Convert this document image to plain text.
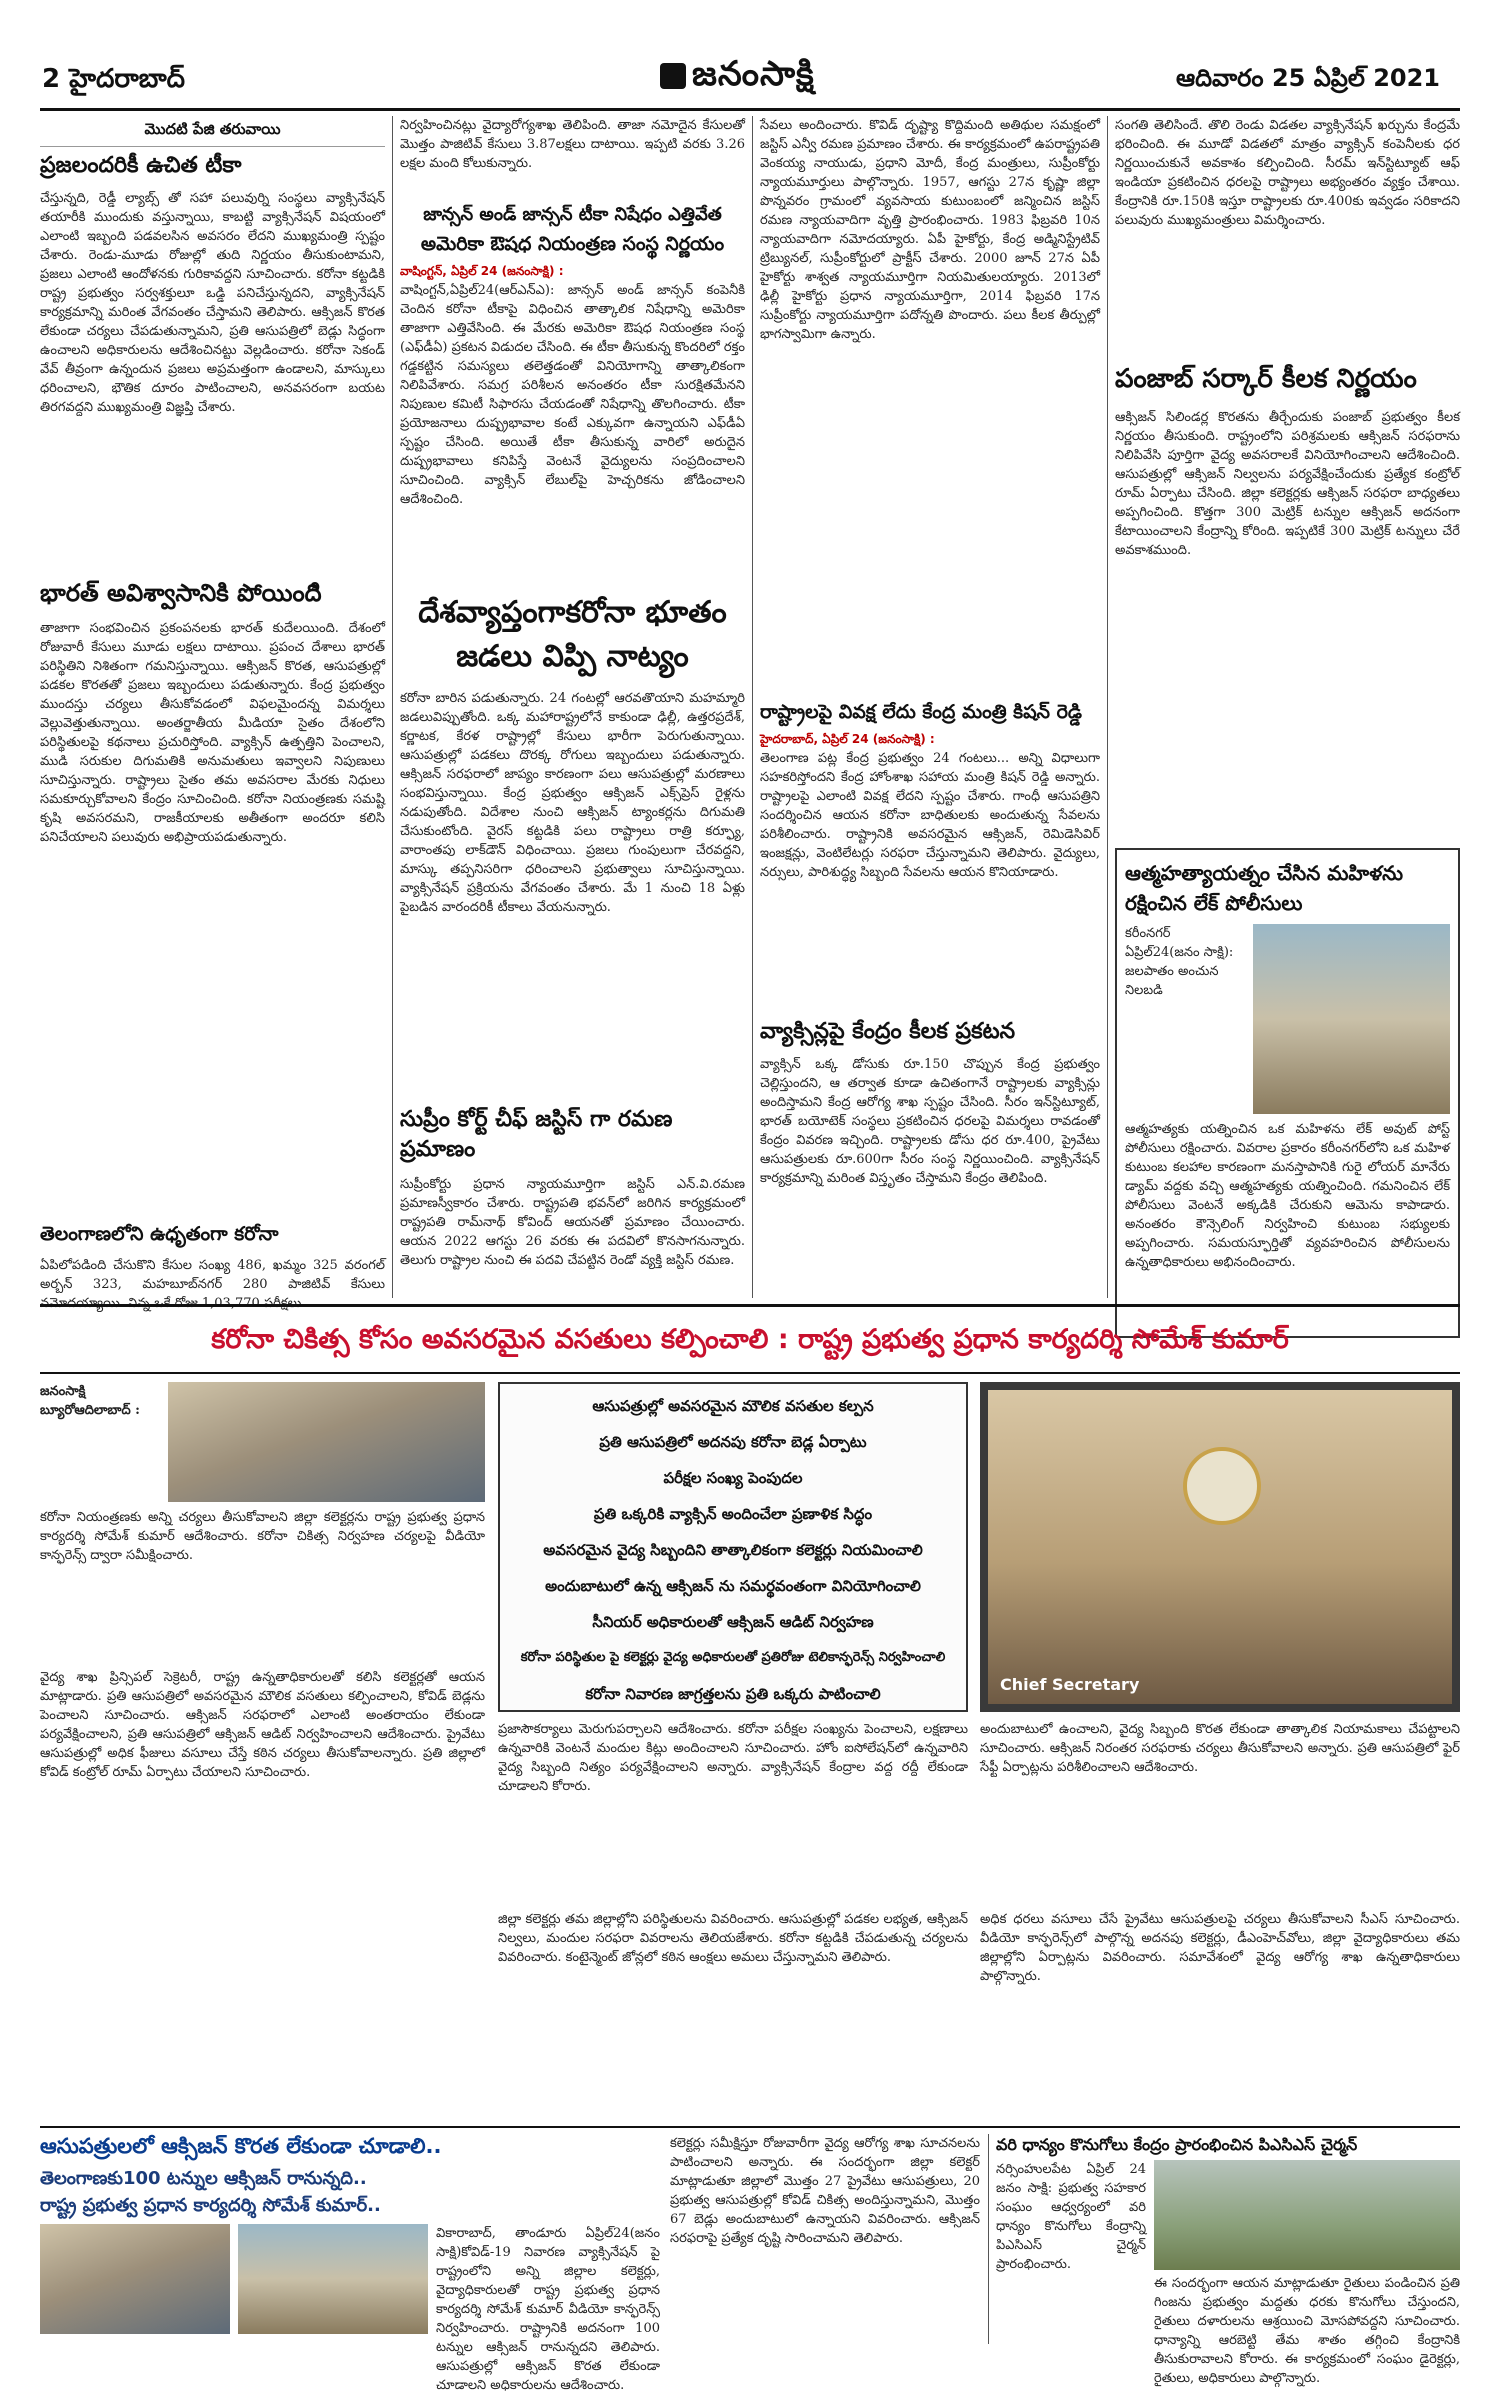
2 హైదరాబాద్	జనంసాక్షి	ఆదివారం 25 ఏప్రిల్ 2021
మొదటి పేజి తరువాయి
ప్రజలందరికీ ఉచిత టీకా
చేస్తున్నది, రెడ్డీ ల్యాబ్స్ తో సహా పలువుర్ని సంస్థలు వ్యాక్సినేషన్ తయారీకి ముందుకు వస్తున్నాయి, కాబట్టి వ్యాక్సినేషన్ విషయంలో ఎలాంటి ఇబ్బంది పడవలసిన అవసరం లేదని ముఖ్యమంత్రి స్పష్టం చేశారు. రెండు-మూడు రోజుల్లో తుది నిర్ణయం తీసుకుంటామని, ప్రజలు ఎలాంటి ఆందోళనకు గురికావద్దని సూచించారు. కరోనా కట్టడికి రాష్ట్ర ప్రభుత్వం సర్వశక్తులూ ఒడ్డి పనిచేస్తున్నదని, వ్యాక్సినేషన్ కార్యక్రమాన్ని మరింత వేగవంతం చేస్తామని తెలిపారు. ఆక్సిజన్ కొరత లేకుండా చర్యలు చేపడుతున్నామని, ప్రతి ఆసుపత్రిలో బెడ్లు సిద్ధంగా ఉంచాలని అధికారులను ఆదేశించినట్టు వెల్లడించారు. కరోనా సెకండ్ వేవ్ తీవ్రంగా ఉన్నందున ప్రజలు అప్రమత్తంగా ఉండాలని, మాస్కులు ధరించాలని, భౌతిక దూరం పాటించాలని, అనవసరంగా బయట తిరగవద్దని ముఖ్యమంత్రి విజ్ఞప్తి చేశారు.
భారత్ అవిశ్వాసానికి పోయిందిి
తాజాగా సంభవించిన ప్రకంపనలకు భారత్ కుదేలయింది. దేశంలో రోజువారీ కేసులు మూడు లక్షలు దాటాయి. ప్రపంచ దేశాలు భారత్ పరిస్థితిని నిశితంగా గమనిస్తున్నాయి. ఆక్సిజన్ కొరత, ఆసుపత్రుల్లో పడకల కొరతతో ప్రజలు ఇబ్బందులు పడుతున్నారు. కేంద్ర ప్రభుత్వం ముందస్తు చర్యలు తీసుకోవడంలో విఫలమైందన్న విమర్శలు వెల్లువెత్తుతున్నాయి. అంతర్జాతీయ మీడియా సైతం దేశంలోని పరిస్థితులపై కథనాలు ప్రచురిస్తోంది. వ్యాక్సిన్ ఉత్పత్తిని పెంచాలని, ముడి సరుకుల దిగుమతికి అనుమతులు ఇవ్వాలని నిపుణులు సూచిస్తున్నారు. రాష్ట్రాలు సైతం తమ అవసరాల మేరకు నిధులు సమకూర్చుకోవాలని కేంద్రం సూచించింది. కరోనా నియంత్రణకు సమష్టి కృషి అవసరమని, రాజకీయాలకు అతీతంగా అందరూ కలిసి పనిచేయాలని పలువురు అభిప్రాయపడుతున్నారు.
తెలంగాణలోని ఉధృతంగా కరోనా
ఏపిలోపడింది చేసుకొని కేసుల సంఖ్య 486, ఖమ్మం 325 వరంగల్ అర్బన్ 323, మహబూబ్‌నగర్ 280 పాజిటివ్ కేసులు
నిర్వహించినట్లు వైద్యారోగ్యశాఖ తెలిపింది. తాజా నమోదైన కేసులతో మొత్తం పాజిటివ్ కేసులు 3.87లక్షలు దాటాయి. ఇప్పటి వరకు 3.26 లక్షల మంది కోలుకున్నారు.
జాన్సన్ అండ్ జాన్సన్ టీకా నిషేధం ఎత్తివేత
అమెరికా ఔషధ నియంత్రణ సంస్థ నిర్ణయం
వాషింగ్టన్, ఏప్రిల్ 24 (జనంసాక్షి) :
వాషింగ్టన్,ఏప్రిల్24(ఆర్‌ఎన్‌ఎ): జాన్సన్ అండ్ జాన్సన్ కంపెనీకి చెందిన కరోనా టీకాపై విధించిన తాత్కాలిక నిషేధాన్ని అమెరికా తాజాగా ఎత్తివేసింది. ఈ మేరకు అమెరికా ఔషధ నియంత్రణ సంస్థ (ఎఫ్‌డీఏ) ప్రకటన విడుదల చేసింది. ఈ టీకా తీసుకున్న కొందరిలో రక్తం గడ్డకట్టిన సమస్యలు తలెత్తడంతో వినియోగాన్ని తాత్కాలికంగా నిలిపివేశారు. సమగ్ర పరిశీలన అనంతరం టీకా సురక్షితమేనని నిపుణుల కమిటీ సిఫారసు చేయడంతో నిషేధాన్ని తొలగించారు. టీకా ప్రయోజనాలు దుష్ప్రభావాల కంటే ఎక్కువగా ఉన్నాయని ఎఫ్‌డీఏ స్పష్టం చేసింది. అయితే టీకా తీసుకున్న వారిలో అరుదైన దుష్ప్రభావాలు కనిపిస్తే వెంటనే వైద్యులను సంప్రదించాలని సూచించింది. వ్యాక్సిన్ లేబుల్‌పై హెచ్చరికను జోడించాలని ఆదేశించింది.
దేశవ్యాప్తంగాకరోనా భూతం జడలు విప్పి నాట్యం
కరోనా బారిన పడుతున్నారు. 24 గంటల్లో ఆరవతొయాని మహమ్మారి జడలువిప్పుతోంది. ఒక్క మహారాష్ట్రలోనే కాకుండా ఢిల్లీ, ఉత్తరప్రదేశ్, కర్ణాటక, కేరళ రాష్ట్రాల్లో కేసులు భారీగా పెరుగుతున్నాయి. ఆసుపత్రుల్లో పడకలు దొరక్క రోగులు ఇబ్బందులు పడుతున్నారు. ఆక్సిజన్ సరఫరాలో జాప్యం కారణంగా పలు ఆసుపత్రుల్లో మరణాలు సంభవిస్తున్నాయి. కేంద్ర ప్రభుత్వం ఆక్సిజన్ ఎక్స్‌ప్రెస్ రైళ్లను నడుపుతోంది. విదేశాల నుంచి ఆక్సిజన్ ట్యాంకర్లను దిగుమతి చేసుకుంటోంది. వైరస్ కట్టడికి పలు రాష్ట్రాలు రాత్రి కర్ఫ్యూ, వారాంతపు లాక్‌డౌన్ విధించాయి. ప్రజలు గుంపులుగా చేరవద్దని, మాస్కు తప్పనిసరిగా ధరించాలని ప్రభుత్వాలు సూచిస్తున్నాయి. వ్యాక్సినేషన్ ప్రక్రియను వేగవంతం చేశారు. మే 1 నుంచి 18 ఏళ్లు పైబడిన వారందరికీ టీకాలు వేయనున్నారు.
సుప్రీం కోర్ట్ చీఫ్ జస్టిస్ గా రమణ ప్రమాణం
సుప్రీంకోర్టు ప్రధాన న్యాయమూర్తిగా జస్టిస్ ఎన్.వి.రమణ ప్రమాణస్వీకారం చేశారు. రాష్ట్రపతి భవన్‌లో జరిగిన కార్యక్రమంలో రాష్ట్రపతి రామ్‌నాథ్ కోవింద్ ఆయనతో ప్రమాణం చేయించారు. ఆయన 2022 ఆగస్టు 26 వరకు ఈ పదవిలో కొనసాగనున్నారు. తెలుగు రాష్ట్రాల నుంచి ఈ పదవి చేపట్టిన రెండో వ్యక్తి జస్టిస్ రమణ.
సేవలు అందించారు. కొవిడ్ దృష్ట్యా కొద్దిమంది అతిథుల సమక్షంలో జస్టిస్ ఎన్వీ రమణ ప్రమాణం చేశారు. ఈ కార్యక్రమంలో ఉపరాష్ట్రపతి వెంకయ్య నాయుడు, ప్రధాని మోదీ, కేంద్ర మంత్రులు, సుప్రీంకోర్టు న్యాయమూర్తులు పాల్గొన్నారు. 1957, ఆగస్టు 27న కృష్ణా జిల్లా పొన్నవరం గ్రామంలో వ్యవసాయ కుటుంబంలో జన్మించిన జస్టిస్ రమణ న్యాయవాదిగా వృత్తి ప్రారంభించారు. 1983 ఫిబ్రవరి 10న న్యాయవాదిగా నమోదయ్యారు. ఏపీ హైకోర్టు, కేంద్ర అడ్మినిస్ట్రేటివ్ ట్రిబ్యునల్, సుప్రీంకోర్టులో ప్రాక్టీస్ చేశారు. 2000 జూన్ 27న ఏపీ హైకోర్టు శాశ్వత న్యాయమూర్తిగా నియమితులయ్యారు. 2013లో ఢిల్లీ హైకోర్టు ప్రధాన న్యాయమూర్తిగా, 2014 ఫిబ్రవరి 17న సుప్రీంకోర్టు న్యాయమూర్తిగా పదోన్నతి పొందారు. పలు కీలక తీర్పుల్లో భాగస్వామిగా ఉన్నారు.
రాష్ట్రాలపై వివక్ష లేదు కేంద్ర మంత్రి కిషన్ రెడ్డి
హైదరాబాద్, ఏప్రిల్ 24 (జనంసాక్షి) :
తెలంగాణ పట్ల కేంద్ర ప్రభుత్వం 24 గంటలు... అన్ని విధాలుగా సహకరిస్తోందని కేంద్ర హోంశాఖ సహాయ మంత్రి కిషన్ రెడ్డి అన్నారు. రాష్ట్రాలపై ఎలాంటి వివక్ష లేదని స్పష్టం చేశారు. గాంధీ ఆసుపత్రిని సందర్శించిన ఆయన కరోనా బాధితులకు అందుతున్న సేవలను పరిశీలించారు. రాష్ట్రానికి అవసరమైన ఆక్సిజన్, రెమిడెసివిర్ ఇంజక్షన్లు, వెంటిలేటర్లు సరఫరా చేస్తున్నామని తెలిపారు. వైద్యులు, నర్సులు, పారిశుద్ధ్య సిబ్బంది సేవలను ఆయన కొనియాడారు.
వ్యాక్సిన్లపై కేంద్రం కీలక ప్రకటన
వ్యాక్సిన్ ఒక్క డోసుకు రూ.150 చొప్పున కేంద్ర ప్రభుత్వం చెల్లిస్తుందని, ఆ తర్వాత కూడా ఉచితంగానే రాష్ట్రాలకు వ్యాక్సిన్లు అందిస్తామని కేంద్ర ఆరోగ్య శాఖ స్పష్టం చేసింది. సీరం ఇన్‌స్టిట్యూట్, భారత్ బయోటెక్ సంస్థలు ప్రకటించిన ధరలపై విమర్శలు రావడంతో కేంద్రం వివరణ ఇచ్చింది. రాష్ట్రాలకు డోసు ధర రూ.400, ప్రైవేటు ఆసుపత్రులకు రూ.600గా సీరం సంస్థ నిర్ణయించింది. వ్యాక్సినేషన్ కార్యక్రమాన్ని మరింత విస్తృతం చేస్తామని కేంద్రం తెలిపింది.
సంగతి తెలిసిందే. తొలి రెండు విడతల వ్యాక్సినేషన్ ఖర్చును కేంద్రమే భరించింది. ఈ మూడో విడతలో మాత్రం వ్యాక్సిన్ కంపెనీలకు ధర నిర్ణయించుకునే అవకాశం కల్పించింది. సీరమ్ ఇన్‌స్టిట్యూట్ ఆఫ్ ఇండియా ప్రకటించిన ధరలపై రాష్ట్రాలు అభ్యంతరం వ్యక్తం చేశాయి. కేంద్రానికి రూ.150కి ఇస్తూ రాష్ట్రాలకు రూ.400కు ఇవ్వడం సరికాదని పలువురు ముఖ్యమంత్రులు విమర్శించారు.
పంజాబ్ సర్కార్ కీలక నిర్ణయం
ఆక్సిజన్ సిలిండర్ల కొరతను తీర్చేందుకు పంజాబ్ ప్రభుత్వం కీలక నిర్ణయం తీసుకుంది. రాష్ట్రంలోని పరిశ్రమలకు ఆక్సిజన్ సరఫరాను నిలిపివేసి పూర్తిగా వైద్య అవసరాలకే వినియోగించాలని ఆదేశించింది. ఆసుపత్రుల్లో ఆక్సిజన్ నిల్వలను పర్యవేక్షించేందుకు ప్రత్యేక కంట్రోల్ రూమ్ ఏర్పాటు చేసింది. జిల్లా కలెక్టర్లకు ఆక్సిజన్ సరఫరా బాధ్యతలు అప్పగించింది. కొత్తగా 300 మెట్రిక్ టన్నుల ఆక్సిజన్ అదనంగా కేటాయించాలని కేంద్రాన్ని కోరింది. ఇప్పటికే 300 మెట్రిక్ టన్నులు చేరే అవకాశముంది.
ఆత్మహత్యాయత్నం చేసిన మహిళను రక్షించిన లేక్ పోలీసులు
కరీంనగర్ ఏప్రిల్24(జనం సాక్షి): జలపాతం అంచున నిలబడి
ఆత్మహత్యకు యత్నించిన ఒక మహిళను లేక్ అవుట్ పోస్ట్ పోలీసులు రక్షించారు. వివరాల ప్రకారం కరీంనగర్‌లోని ఒక మహిళ కుటుంబ కలహాల కారణంగా మనస్తాపానికి గురై లోయర్ మానేరు డ్యామ్ వద్దకు వచ్చి ఆత్మహత్యకు యత్నించింది. గమనించిన లేక్ పోలీసులు వెంటనే అక్కడికి చేరుకుని ఆమెను కాపాడారు. అనంతరం కౌన్సెలింగ్ నిర్వహించి కుటుంబ సభ్యులకు అప్పగించారు. సమయస్ఫూర్తితో వ్యవహరించిన పోలీసులను ఉన్నతాధికారులు అభినందించారు.
కరోనా చికిత్స కోసం అవసరమైన వసతులు కల్పించాలి : రాష్ట్ర ప్రభుత్వ ప్రధాన కార్యదర్శి సోమేశ్ కుమార్
జనంసాక్షి బ్యూరోఆదిలాబాద్ :
కరోనా నియంత్రణకు అన్ని చర్యలు తీసుకోవాలని జిల్లా కలెక్టర్లను రాష్ట్ర ప్రభుత్వ ప్రధాన కార్యదర్శి సోమేశ్ కుమార్ ఆదేశించారు. కరోనా చికిత్స నిర్వహణ చర్యలపై వీడియో కాన్ఫరెన్స్ ద్వారా సమీక్షించారు.
వైద్య శాఖ ప్రిన్సిపల్ సెక్రెటరీ, రాష్ట్ర ఉన్నతాధికారులతో కలిసి కలెక్టర్లతో ఆయన మాట్లాడారు. ప్రతి ఆసుపత్రిలో అవసరమైన మౌలిక వసతులు కల్పించాలని, కోవిడ్ బెడ్లను పెంచాలని సూచించారు. ఆక్సిజన్ సరఫరాలో ఎలాంటి అంతరాయం లేకుండా పర్యవేక్షించాలని, ప్రతి ఆసుపత్రిలో ఆక్సిజన్ ఆడిట్ నిర్వహించాలని ఆదేశించారు. ప్రైవేటు ఆసుపత్రుల్లో అధిక ఫీజులు వసూలు చేస్తే కఠిన చర్యలు తీసుకోవాలన్నారు. ప్రతి జిల్లాలో కోవిడ్ కంట్రోల్ రూమ్ ఏర్పాటు చేయాలని సూచించారు.
ఆసుపత్రుల్లో అవసరమైన మౌలిక వసతుల కల్పన
ప్రతి ఆసుపత్రిలో అదనపు కరోనా బెడ్ల ఏర్పాటు
పరీక్షల సంఖ్య పెంపుదల
ప్రతి ఒక్కరికి వ్యాక్సిన్ అందించేలా ప్రణాళిక సిద్ధం
అవసరమైన వైద్య సిబ్బందిని తాత్కాలికంగా కలెక్టర్లు నియమించాలి
అందుబాటులో ఉన్న ఆక్సిజన్ ను సమర్థవంతంగా వినియోగించాలి
సీనియర్ అధికారులతో ఆక్సిజన్ ఆడిట్ నిర్వహణ
కరోనా పరిస్థితుల పై కలెక్టర్లు వైద్య అధికారులతో ప్రతిరోజు టెలికాన్ఫరెన్స్ నిర్వహించాలి
కరోనా నివారణ జాగ్రత్తలను ప్రతి ఒక్కరు పాటించాలి	Chief Secretary
ప్రజాసౌకర్యాలు మెరుగుపర్చాలని ఆదేశించారు. కరోనా పరీక్షల సంఖ్యను పెంచాలని, లక్షణాలు ఉన్నవారికి వెంటనే మందుల కిట్లు అందించాలని సూచించారు. హోం ఐసోలేషన్‌లో ఉన్నవారిని వైద్య సిబ్బంది నిత్యం పర్యవేక్షించాలని అన్నారు. వ్యాక్సినేషన్ కేంద్రాల వద్ద రద్దీ లేకుండా చూడాలని కోరారు.
జిల్లా కలెక్టర్లు తమ జిల్లాల్లోని పరిస్థితులను వివరించారు. ఆసుపత్రుల్లో పడకల లభ్యత, ఆక్సిజన్ నిల్వలు, మందుల సరఫరా వివరాలను తెలియజేశారు. కరోనా కట్టడికి చేపడుతున్న చర్యలను వివరించారు. కంటైన్మెంట్ జోన్లలో కఠిన ఆంక్షలు అమలు చేస్తున్నామని తెలిపారు.
అందుబాటులో ఉంచాలని, వైద్య సిబ్బంది కొరత లేకుండా తాత్కాలిక నియామకాలు చేపట్టాలని సూచించారు. ఆక్సిజన్ నిరంతర సరఫరాకు చర్యలు తీసుకోవాలని అన్నారు. ప్రతి ఆసుపత్రిలో ఫైర్ సేఫ్టీ ఏర్పాట్లను పరిశీలించాలని ఆదేశించారు.
అధిక ధరలు వసూలు చేసే ప్రైవేటు ఆసుపత్రులపై చర్యలు తీసుకోవాలని సీఎస్ సూచించారు. వీడియో కాన్ఫరెన్స్‌లో పాల్గొన్న అదనపు కలెక్టర్లు, డీఎంహెచ్‌వోలు, జిల్లా వైద్యాధికారులు తమ జిల్లాల్లోని ఏర్పాట్లను వివరించారు. సమావేశంలో వైద్య ఆరోగ్య శాఖ ఉన్నతాధికారులు పాల్గొన్నారు.
ఆసుపత్రులలో ఆక్సిజన్ కొరత లేకుండా చూడాలి..
తెలంగాణకు100 టన్నుల ఆక్సిజన్ రానున్నది..
రాష్ట్ర ప్రభుత్వ ప్రధాన కార్యదర్శి సోమేశ్ కుమార్..
వికారాబాద్, తాండూరు ఏప్రిల్24(జనం సాక్షి)కోవిడ్-19 నివారణ వ్యాక్సినేషన్ పై రాష్ట్రంలోని అన్ని జిల్లాల కలెక్టర్లు, వైద్యాధికారులతో రాష్ట్ర ప్రభుత్వ ప్రధాన కార్యదర్శి సోమేశ్ కుమార్ వీడియో కాన్ఫరెన్స్ నిర్వహించారు. రాష్ట్రానికి అదనంగా 100 టన్నుల ఆక్సిజన్ రానున్నదని తెలిపారు. ఆసుపత్రుల్లో ఆక్సిజన్ కొరత లేకుండా చూడాలని అధికారులను ఆదేశించారు.
కలెక్టర్లు సమీక్షిస్తూ రోజువారీగా వైద్య ఆరోగ్య శాఖ సూచనలను పాటించాలని అన్నారు. ఈ సందర్భంగా జిల్లా కలెక్టర్ మాట్లాడుతూ జిల్లాలో మొత్తం 27 ప్రైవేటు ఆసుపత్రులు, 20 ప్రభుత్వ ఆసుపత్రుల్లో కోవిడ్ చికిత్స అందిస్తున్నామని, మొత్తం 67 బెడ్లు అందుబాటులో ఉన్నాయని వివరించారు. ఆక్సిజన్ సరఫరాపై ప్రత్యేక దృష్టి సారించామని తెలిపారు.
వరి ధాన్యం కొనుగోలు కేంద్రం ప్రారంభించిన పిఎసిఎస్ చైర్మన్
నర్సింహులపేట ఏప్రిల్ 24 జనం సాక్షి: ప్రభుత్వ సహకార సంఘం ఆధ్వర్యంలో వరి ధాన్యం కొనుగోలు కేంద్రాన్ని పిఎసిఎస్ చైర్మన్ ప్రారంభించారు.
ఈ సందర్భంగా ఆయన మాట్లాడుతూ రైతులు పండించిన ప్రతి గింజను ప్రభుత్వం మద్దతు ధరకు కొనుగోలు చేస్తుందని, రైతులు దళారులను ఆశ్రయించి మోసపోవద్దని సూచించారు. ధాన్యాన్ని ఆరబెట్టి తేమ శాతం తగ్గించి కేంద్రానికి తీసుకురావాలని కోరారు. ఈ కార్యక్రమంలో సంఘం డైరెక్టర్లు, రైతులు, అధికారులు పాల్గొన్నారు.
